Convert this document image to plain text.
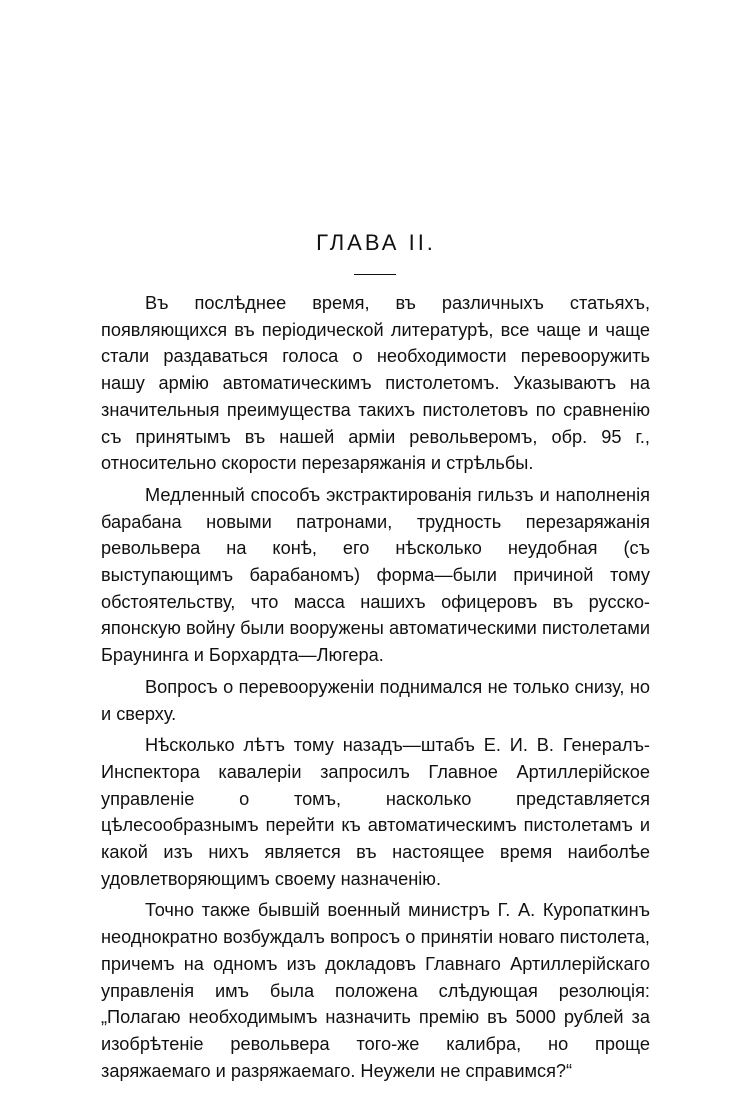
ГЛАВА II.

Въ послѣднее время, въ различныхъ статьяхъ, появляющихся въ періодической литературѣ, все чаще и чаще стали раздаваться голоса о необходимости перевооружить нашу армію автоматическимъ пистолетомъ. Указываютъ на значительныя преимущества такихъ пистолетовъ по сравненію съ принятымъ въ нашей арміи револьверомъ, обр. 95 г., относительно скорости перезаряжанія и стрѣльбы.

Медленный способъ экстрактированія гильзъ и наполненія барабана новыми патронами, трудность перезаряжанія револьвера на конѣ, его нѣсколько неудобная (съ выступающимъ барабаномъ) форма—были причиной тому обстоятельству, что масса нашихъ офицеровъ въ русско-японскую войну были вооружены автоматическими пистолетами Браунинга и Борхардта—Люгера.

Вопросъ о перевооруженіи поднимался не только снизу, но и сверху.

Нѣсколько лѣтъ тому назадъ—штабъ Е. И. В. Генералъ-Инспектора кавалеріи запросилъ Главное Артиллерійское управленіе о томъ, насколько представляется цѣлесообразнымъ перейти къ автоматическимъ пистолетамъ и какой изъ нихъ является въ настоящее время наиболѣе удовлетворяющимъ своему назначенію.

Точно также бывшій военный министръ Г. А. Куропаткинъ неоднократно возбуждалъ вопросъ о принятіи новаго пистолета, причемъ на одномъ изъ докладовъ Главнаго Артиллерійскаго управленія имъ была положена слѣдующая резолюція: „Полагаю необходимымъ назначить премію въ 5000 рублей за изобрѣтеніе револьвера того-же калибра, но проще заряжаемаго и разряжаемаго. Неужели не справимся?“
